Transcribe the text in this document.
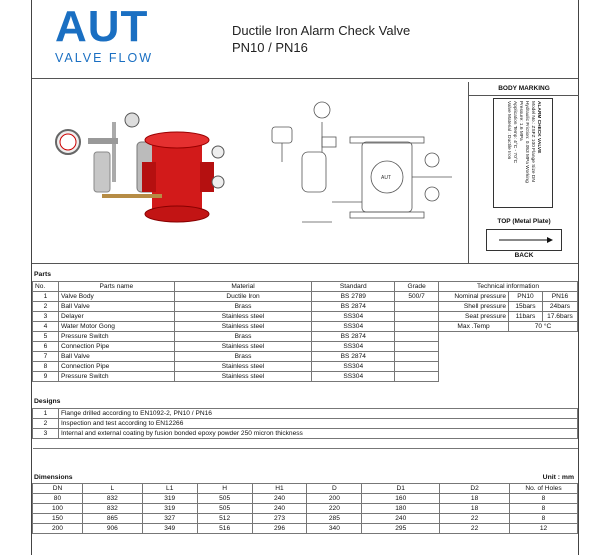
AUT
VALVE FLOW
Ductile Iron Alarm Check Valve
PN10 / PN16
AUT
BODY MARKING
ALARM CHECK VALVE
Model No.: ZSFZ 100 Flange Size DN
Hydraulic Friction: 0.053 MPa Working
Pressure: 1.6 MPa
Application Temp: 4°C - 70°C
Valve Material : Ductile Iron
TOP (Metal Plate)
BACK
Parts
No.	Parts name	Material	Standard	Grade	Technical information		
1	Valve Body	Ductile Iron	BS 2789	500/7	Nominal pressure	PN10	PN16
2	Ball Valve	Brass	BS 2874		Shell pressure	15bars	24bars
3	Delayer	Stainless steel	SS304		Seat pressure	11bars	17.6bars
4	Water Motor Gong	Stainless steel	SS304		Max .Temp	70 °C	
5	Pressure Switch	Brass	BS 2874				
6	Connection Pipe	Stainless steel	SS304				
7	Ball Valve	Brass	BS 2874				
8	Connection Pipe	Stainless steel	SS304				
9	Pressure Switch	Stainless steel	SS304				
Designs
1	Flange drilled according to EN1092-2, PN10 / PN16
2	Inspection and test according to EN12266
3	Internal and external coating by fusion bonded epoxy powder 250 micron thickness

Dimensions	Unit : mm
DN	L	L1	H	H1	D	D1	D2	No. of Holes
80	832	319	505	240	200	160	18	8
100	832	319	505	240	220	180	18	8
150	865	327	512	273	285	240	22	8
200	906	349	516	296	340	295	22	12
